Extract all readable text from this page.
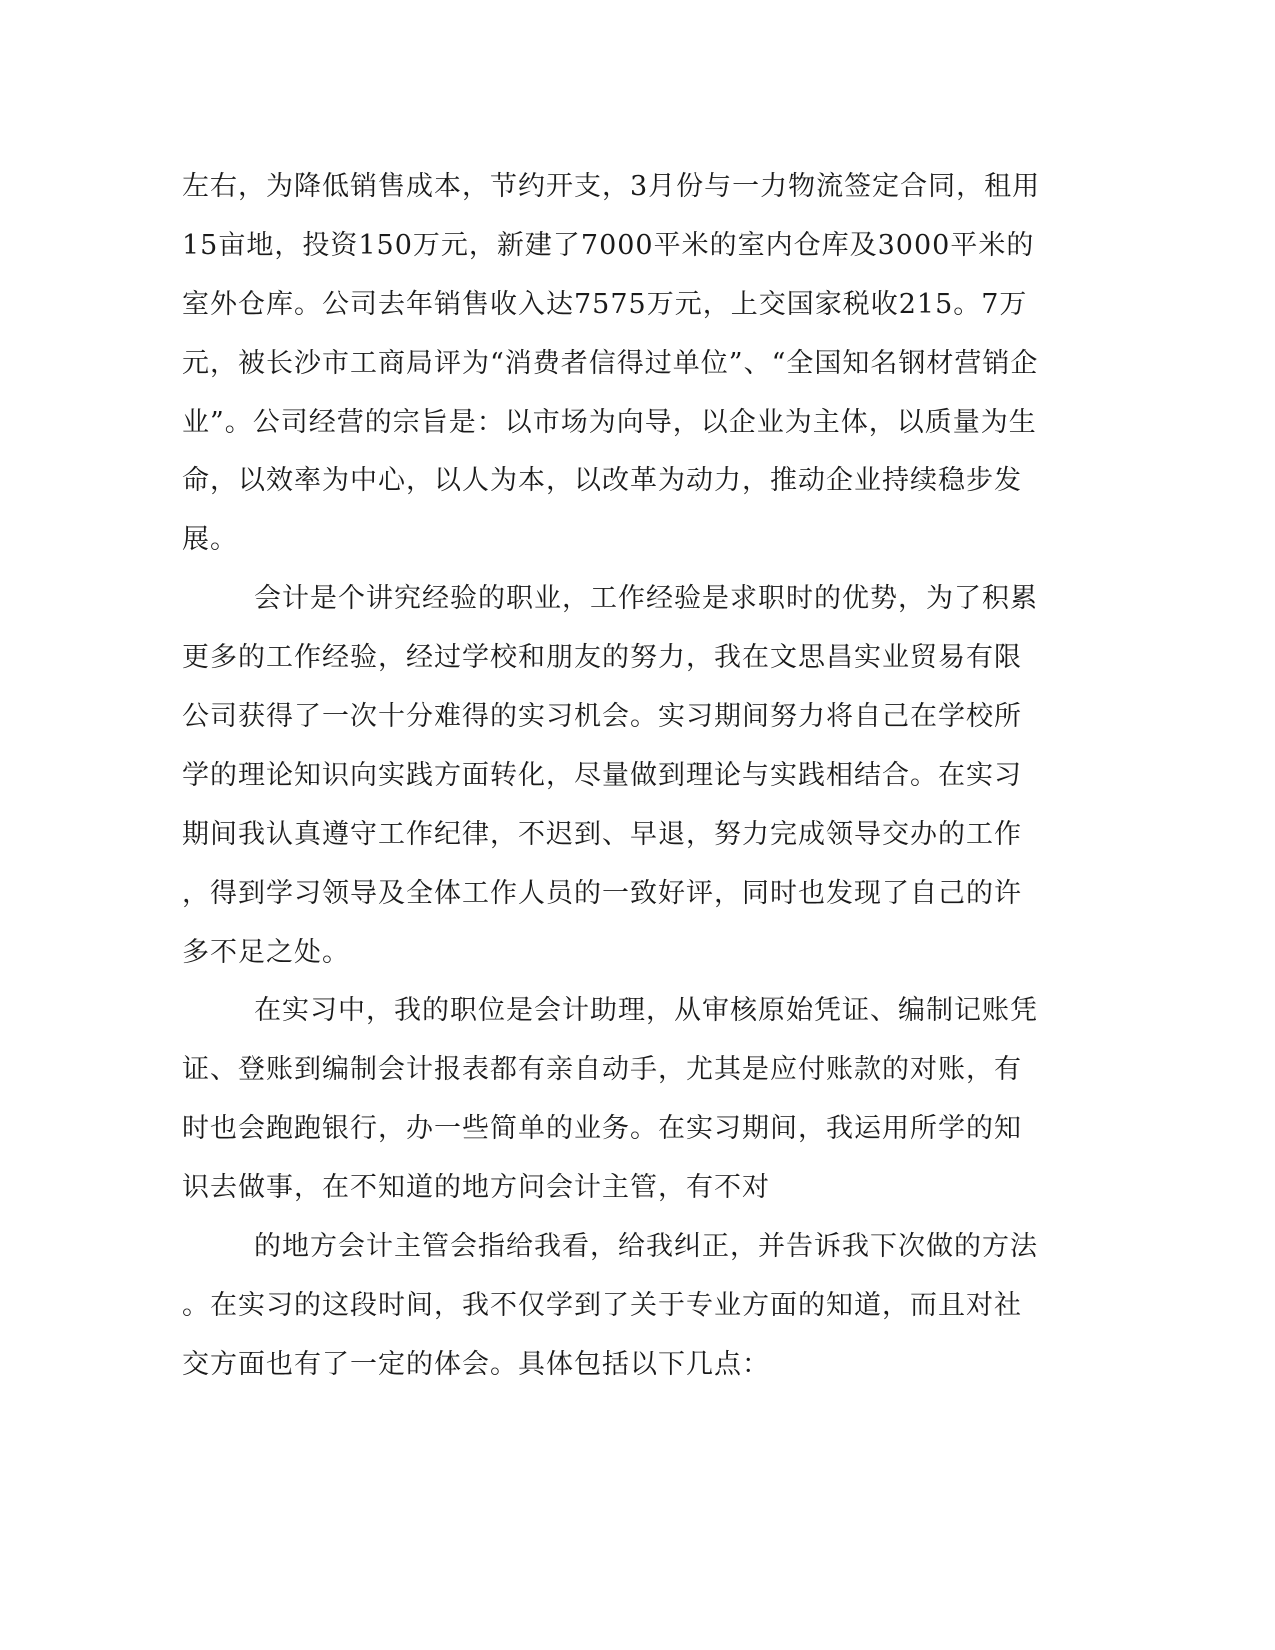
左右，为降低销售成本，节约开支，3月份与一力物流签定合同，租用
15亩地，投资150万元，新建了7000平米的室内仓库及3000平米的
室外仓库。公司去年销售收入达7575万元，上交国家税收215。7万
元，被长沙市工商局评为“消费者信得过单位”、“全国知名钢材营销企
业”。公司经营的宗旨是：以市场为向导，以企业为主体，以质量为生
命，以效率为中心，以人为本，以改革为动力，推动企业持续稳步发
展。
会计是个讲究经验的职业，工作经验是求职时的优势，为了积累
更多的工作经验，经过学校和朋友的努力，我在文思昌实业贸易有限
公司获得了一次十分难得的实习机会。实习期间努力将自己在学校所
学的理论知识向实践方面转化，尽量做到理论与实践相结合。在实习
期间我认真遵守工作纪律，不迟到、早退，努力完成领导交办的工作
，得到学习领导及全体工作人员的一致好评，同时也发现了自己的许
多不足之处。
在实习中，我的职位是会计助理，从审核原始凭证、编制记账凭
证、登账到编制会计报表都有亲自动手，尤其是应付账款的对账，有
时也会跑跑银行，办一些简单的业务。在实习期间，我运用所学的知
识去做事，在不知道的地方问会计主管，有不对
的地方会计主管会指给我看，给我纠正，并告诉我下次做的方法
。在实习的这段时间，我不仅学到了关于专业方面的知道，而且对社
交方面也有了一定的体会。具体包括以下几点：
